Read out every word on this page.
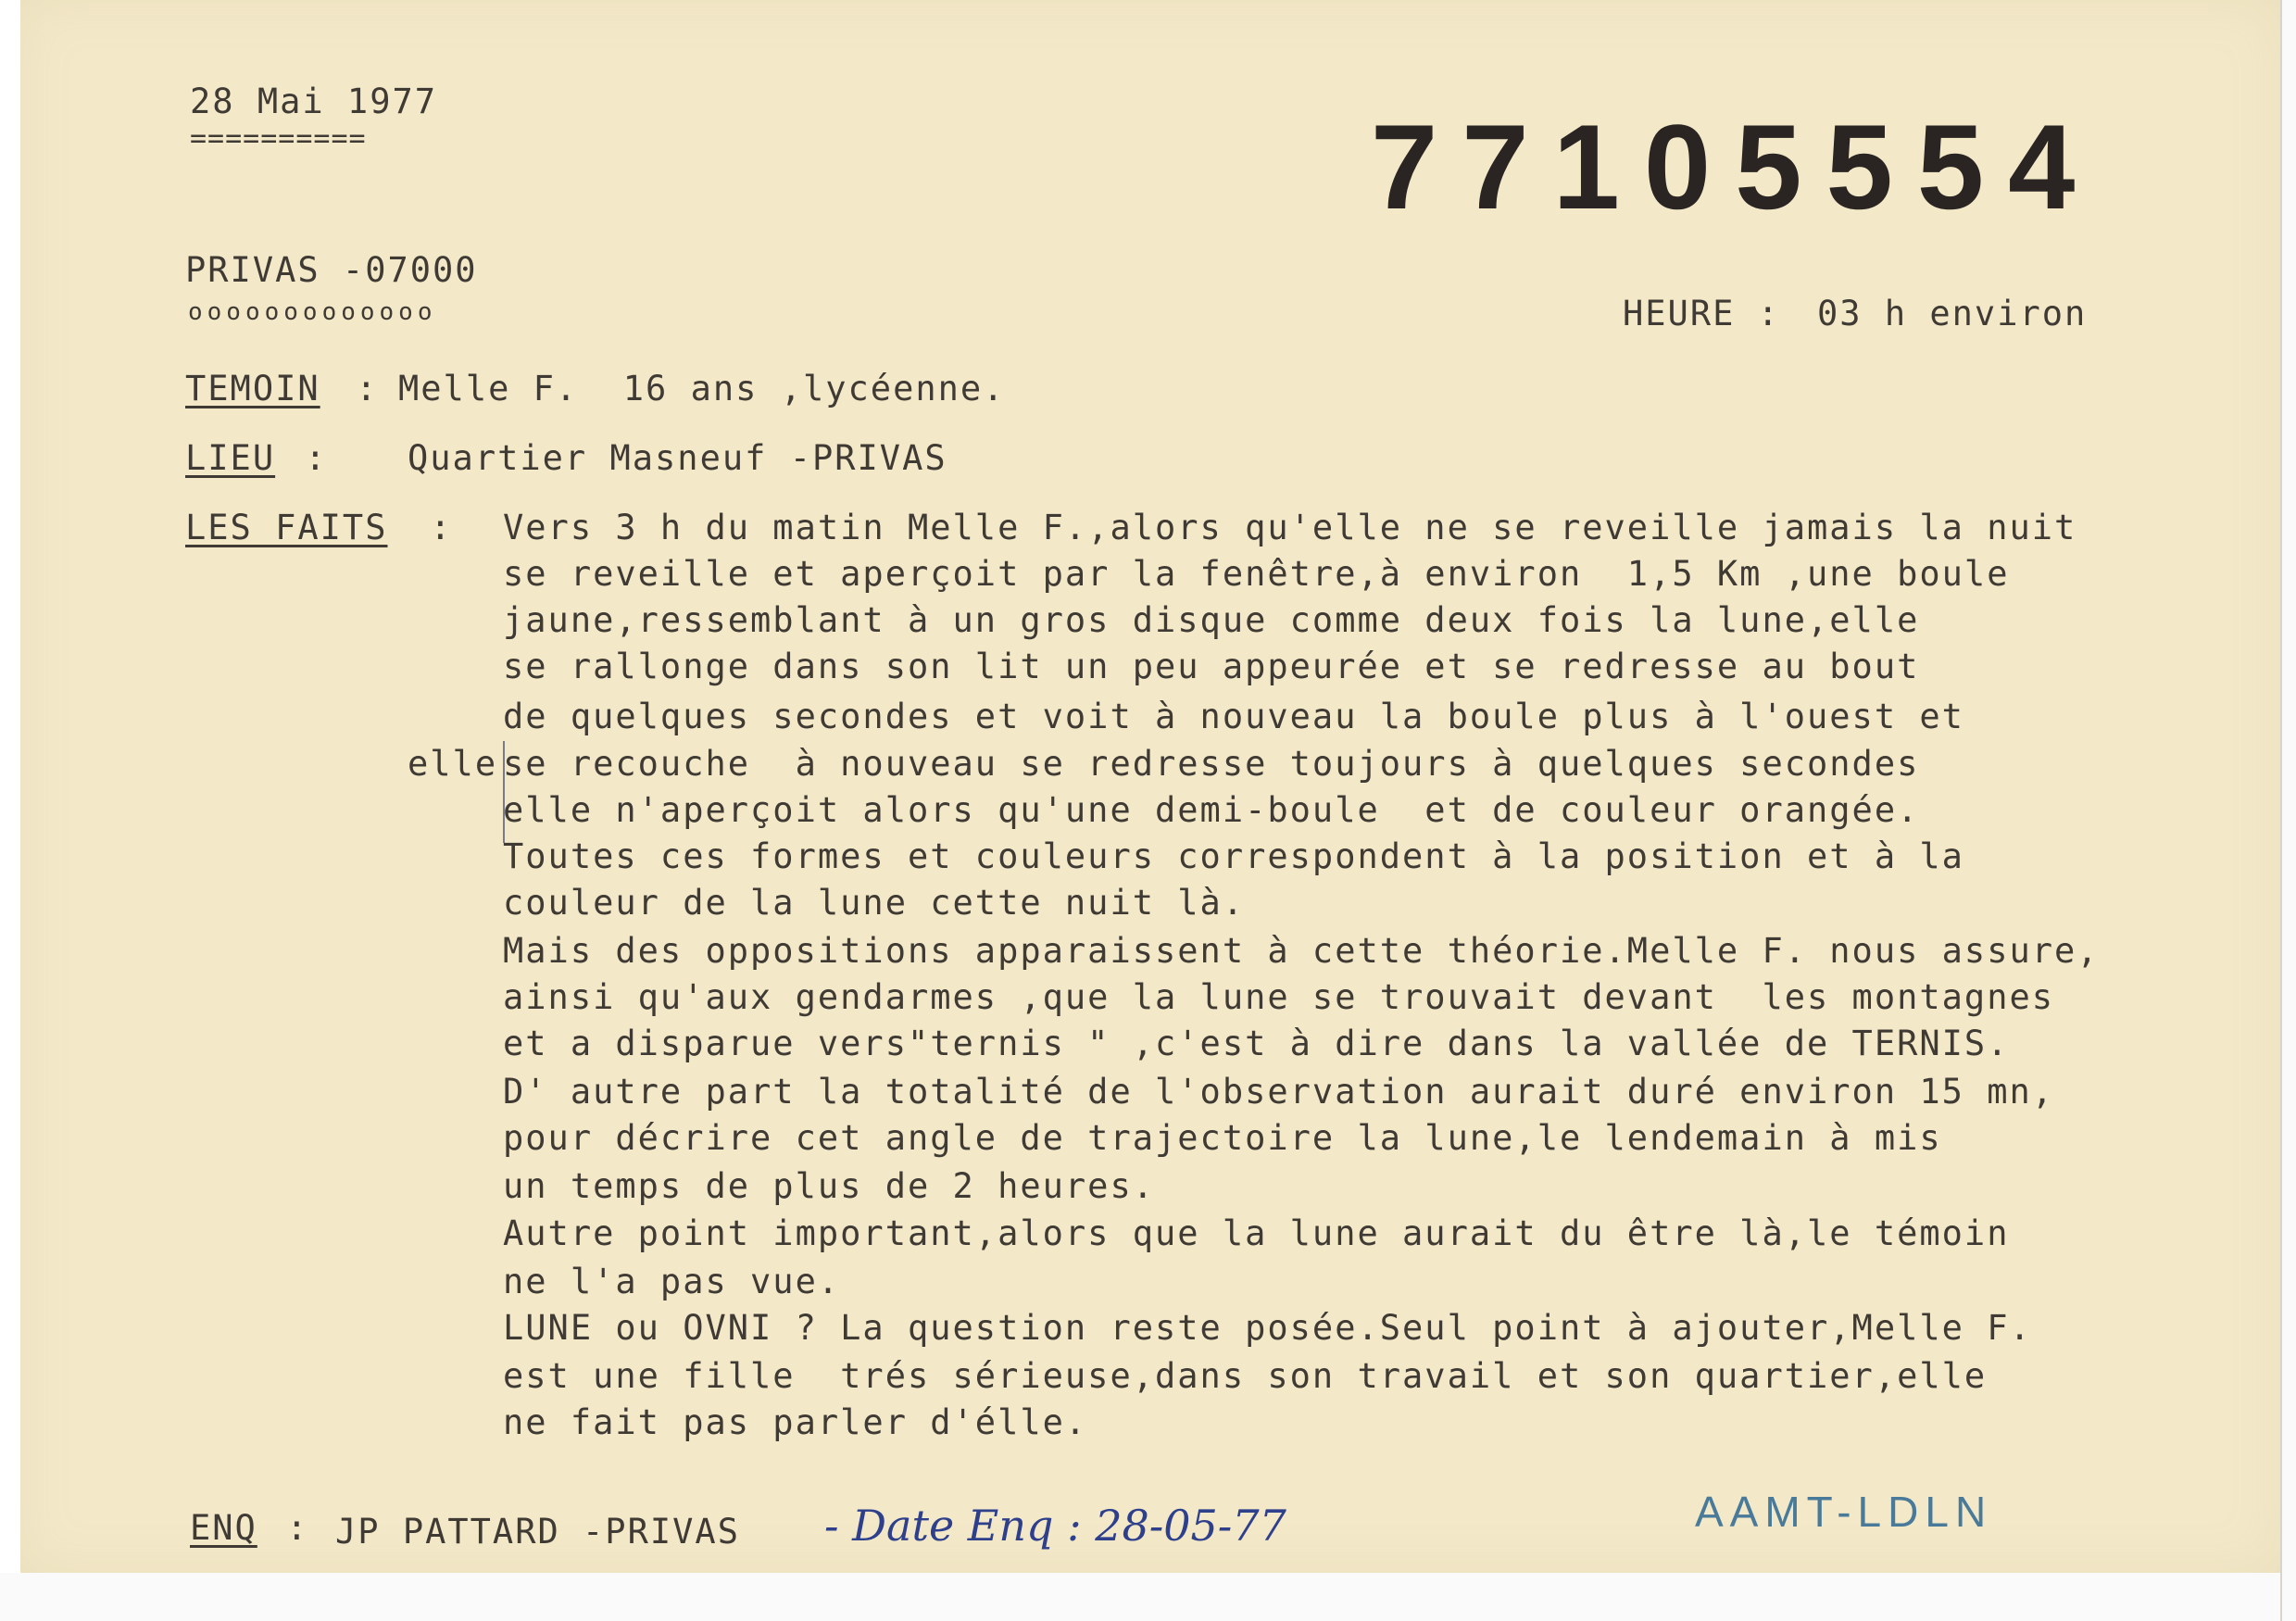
28 Mai 1977
==========	77105554
PRIVAS -07000
ooooooooooooo	HEURE : 03 h environ
TEMOIN : Melle F.  16 ans ,lycéenne.
LIEU : Quartier Masneuf -PRIVAS
LES FAITS :
elle
Vers 3 h du matin Melle F.,alors qu'elle ne se reveille jamais la nuit
se reveille et aperçoit par la fenêtre,à environ  1,5 Km ,une boule
jaune,ressemblant à un gros disque comme deux fois la lune,elle
se rallonge dans son lit un peu appeurée et se redresse au bout
de quelques secondes et voit à nouveau la boule plus à l'ouest et
se recouche  à nouveau se redresse toujours à quelques secondes
elle n'aperçoit alors qu'une demi-boule  et de couleur orangée.
Toutes ces formes et couleurs correspondent à la position et à la
couleur de la lune cette nuit là.
Mais des oppositions apparaissent à cette théorie.Melle F. nous assure,
ainsi qu'aux gendarmes ,que la lune se trouvait devant  les montagnes
et a disparue vers"ternis " ,c'est à dire dans la vallée de TERNIS.
D' autre part la totalité de l'observation aurait duré environ 15 mn,
pour décrire cet angle de trajectoire la lune,le lendemain à mis
un temps de plus de 2 heures.
Autre point important,alors que la lune aurait du être là,le témoin
ne l'a pas vue.
LUNE ou OVNI ? La question reste posée.Seul point à ajouter,Melle F.
est une fille  trés sérieuse,dans son travail et son quartier,elle
ne fait pas parler d'élle.
ENQ : JP PATTARD -PRIVAS - Date Enq : 28-05-77	AAMT-LDLN
